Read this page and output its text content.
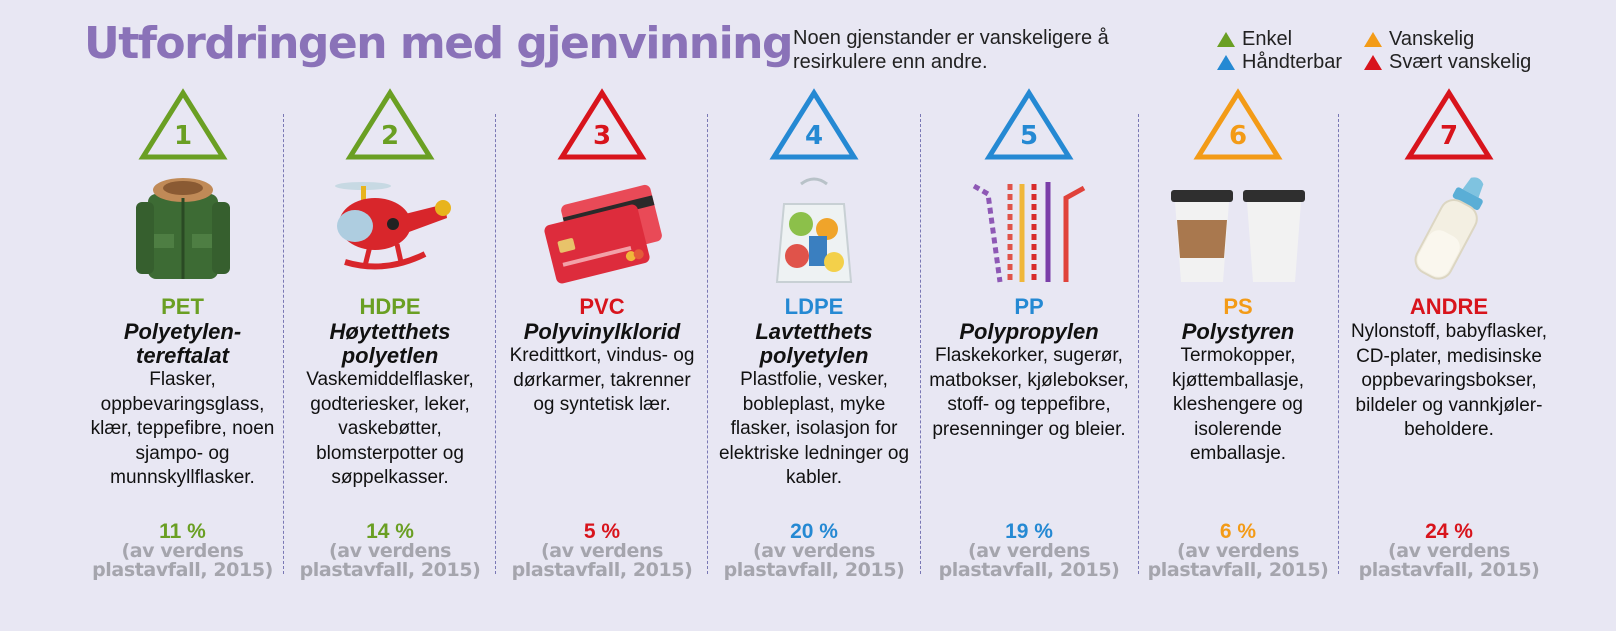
Utfordringen med gjenvinning Noen gjenstander er vanskeligere å resirkulere enn andre.
Enkel	Vanskelig
Håndterbar Svært vanskelig
1
PET
Polyetylen-
tereftalat
Flasker, oppbevaringsglass, klær, teppefibre, noen sjampo- og munnskyllflasker.
11 %
(av verdens plastavfall, 2015)
2
HDPE
Høytetthets
polyetlen
Vaskemiddelflasker, godteriesker, leker, vaskebøtter, blomsterpotter og søppelkasser.
14 %
(av verdens plastavfall, 2015)
3
PVC
Polyvinylklorid
Kredittkort, vindus- og dørkarmer, takrenner og syntetisk lær.
5 %
(av verdens plastavfall, 2015)
4
LDPE
Lavtetthets
polyetylen
Plastfolie, vesker, bobleplast, myke flasker, isolasjon for elektriske ledninger og kabler.
20 %
(av verdens plastavfall, 2015)
5
PP
Polypropylen
Flaskekorker, sugerør, matbokser, kjølebokser, stoff- og teppefibre, presenninger og bleier.
19 %
(av verdens plastavfall, 2015)
6
PS
Polystyren
Termokopper, kjøttemballasje, kleshengere og isolerende emballasje.
6 %
(av verdens plastavfall, 2015)
7
ANDRE
Nylonstoff, babyflasker, CD-plater, medisinske oppbevaringsbokser, bildeler og vannkjøler-beholdere.
24 %
(av verdens plastavfall, 2015)
